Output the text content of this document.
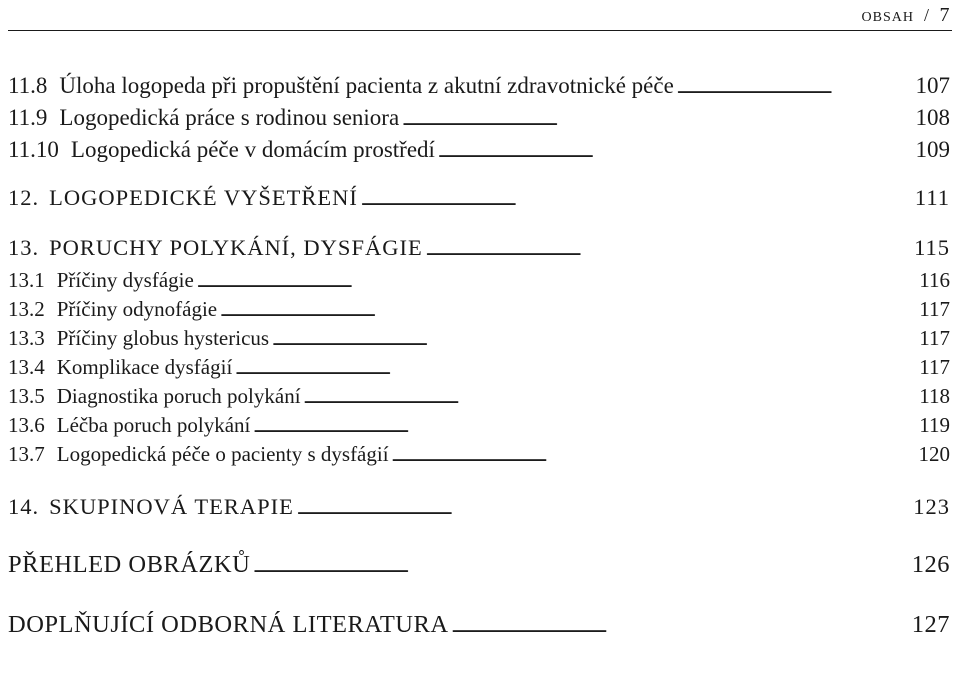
OBSAH / 7
11.8 Úloha logopeda při propuštění pacienta z akutní zdravotnické péče . . .	107
11.9 Logopedická práce s rodinou seniora . . .	108
11.10 Logopedická péče v domácím prostředí . . .	109
12. LOGOPEDICKÉ VYŠETŘENÍ . . .	111
13. PORUCHY POLYKÁNÍ, DYSFÁGIE . . .	115
13.1 Příčiny dysfágie . . .	116
13.2 Příčiny odynofágie . . .	117
13.3 Příčiny globus hystericus . . .	117
13.4 Komplikace dysfágií . . .	117
13.5 Diagnostika poruch polykání . . .	118
13.6 Léčba poruch polykání . . .	119
13.7 Logopedická péče o pacienty s dysfágií . . .	120
14. SKUPINOVÁ TERAPIE . . .	123
PŘEHLED OBRÁZKŮ . . .	126
DOPLŇUJÍCÍ ODBORNÁ LITERATURA . . .	127
